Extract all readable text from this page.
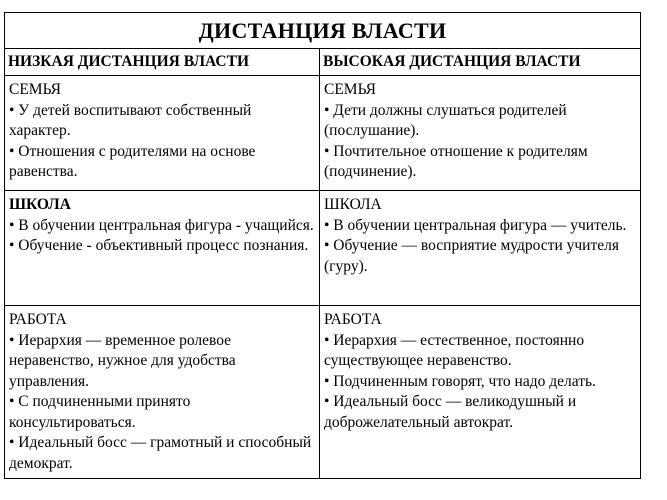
ДИСТАНЦИЯ ВЛАСТИ	
НИЗКАЯ ДИСТАНЦИЯ ВЛАСТИ	ВЫСОКАЯ ДИСТАНЦИЯ ВЛАСТИ

СЕМЬЯ
• У детей воспитывают собственный характер.
• Отношения с родителями на основе равенства.	СЕМЬЯ
• Дети должны слушаться родителей (послушание).
• Почтительное отношение к родителям (подчинение).

ШКОЛА
• В обучении центральная фигура - учащийся.
• Обучение - объективный процесс познания.	ШКОЛА
• В обучении центральная фигура — учитель.
• Обучение — восприятие мудрости учителя (гуру).

РАБОТА
• Иерархия — временное ролевое неравенство, нужное для удобства управления.
• С подчиненными принято консультироваться.
• Идеальный босс — грамотный и способный демократ.	РАБОТА
• Иерархия — естественное, постоянно существующее неравенство.
• Подчиненным говорят, что надо делать.
• Идеальный босс — великодушный и доброжелательный автократ.
